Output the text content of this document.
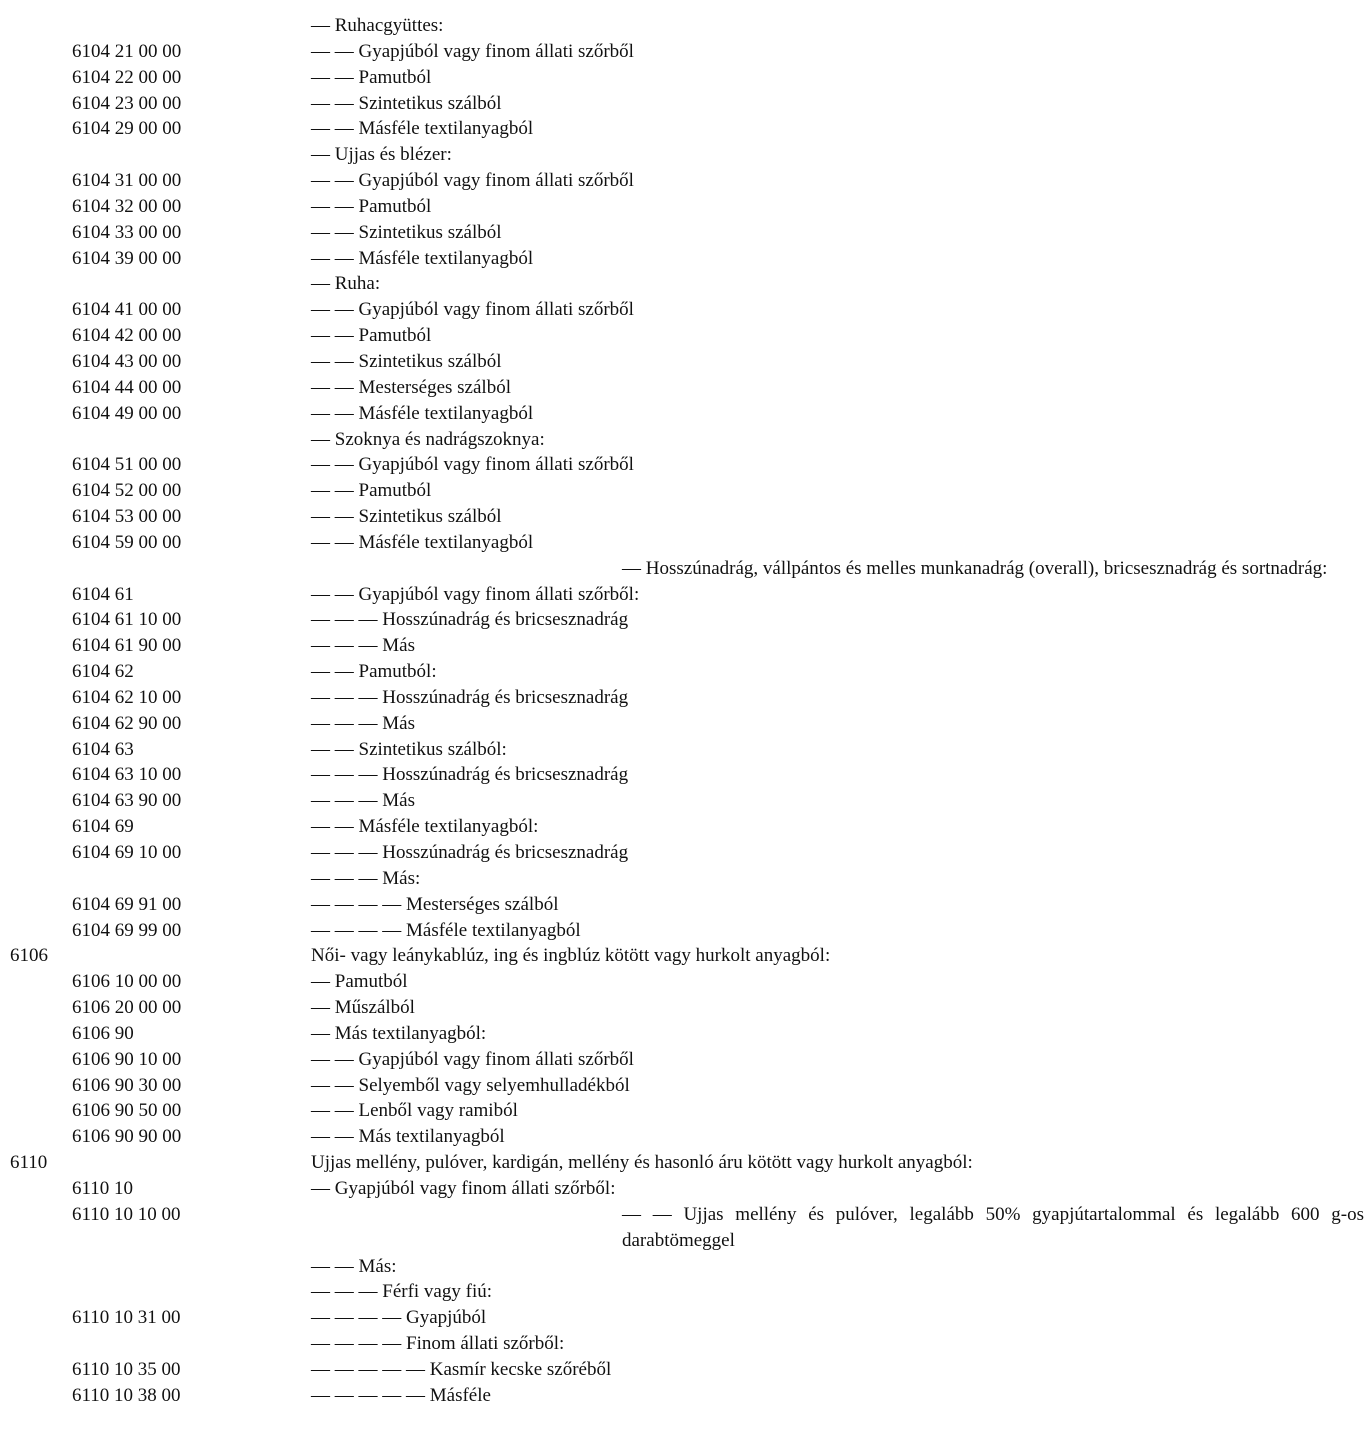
— Ruhacgyüttes:
6104 21 00 00	— — Gyapjúból vagy finom állati szőrből
6104 22 00 00	— — Pamutból
6104 23 00 00	— — Szintetikus szálból
6104 29 00 00	— — Másféle textilanyagból
— Ujjas és blézer:
6104 31 00 00	— — Gyapjúból vagy finom állati szőrből
6104 32 00 00	— — Pamutból
6104 33 00 00	— — Szintetikus szálból
6104 39 00 00	— — Másféle textilanyagból
— Ruha:
6104 41 00 00	— — Gyapjúból vagy finom állati szőrből
6104 42 00 00	— — Pamutból
6104 43 00 00	— — Szintetikus szálból
6104 44 00 00	— — Mesterséges szálból
6104 49 00 00	— — Másféle textilanyagból
— Szoknya és nadrágszoknya:
6104 51 00 00	— — Gyapjúból vagy finom állati szőrből
6104 52 00 00	— — Pamutból
6104 53 00 00	— — Szintetikus szálból
6104 59 00 00	— — Másféle textilanyagból
— Hosszúnadrág, vállpántos és melles munkanadrág (overall), bricsesznadrág és sortnadrág:
6104 61	— — Gyapjúból vagy finom állati szőrből:
6104 61 10 00	— — — Hosszúnadrág és bricsesznadrág
6104 61 90 00	— — — Más
6104 62	— — Pamutból:
6104 62 10 00	— — — Hosszúnadrág és bricsesznadrág
6104 62 90 00	— — — Más
6104 63	— — Szintetikus szálból:
6104 63 10 00	— — — Hosszúnadrág és bricsesznadrág
6104 63 90 00	— — — Más
6104 69	— — Másféle textilanyagból:
6104 69 10 00	— — — Hosszúnadrág és bricsesznadrág
— — — Más:
6104 69 91 00	— — — — Mesterséges szálból
6104 69 99 00	— — — — Másféle textilanyagból
6106	Női- vagy leánykablúz, ing és ingblúz kötött vagy hurkolt anyagból:
6106 10 00 00	— Pamutból
6106 20 00 00	— Műszálból
6106 90	— Más textilanyagból:
6106 90 10 00	— — Gyapjúból vagy finom állati szőrből
6106 90 30 00	— — Selyemből vagy selyemhulladékból
6106 90 50 00	— — Lenből vagy ramiból
6106 90 90 00	— — Más textilanyagból
6110	Ujjas mellény, pulóver, kardigán, mellény és hasonló áru kötött vagy hurkolt anyagból:
6110 10	— Gyapjúból vagy finom állati szőrből:
6110 10 10 00	— — Ujjas mellény és pulóver, legalább 50% gyapjútartalommal és legalább 600 g-os darabtömeggel
— — Más:
— — — Férfi vagy fiú:
6110 10 31 00	— — — — Gyapjúból
— — — — Finom állati szőrből:
6110 10 35 00	— — — — — Kasmír kecske szőréből
6110 10 38 00	— — — — — Másféle
